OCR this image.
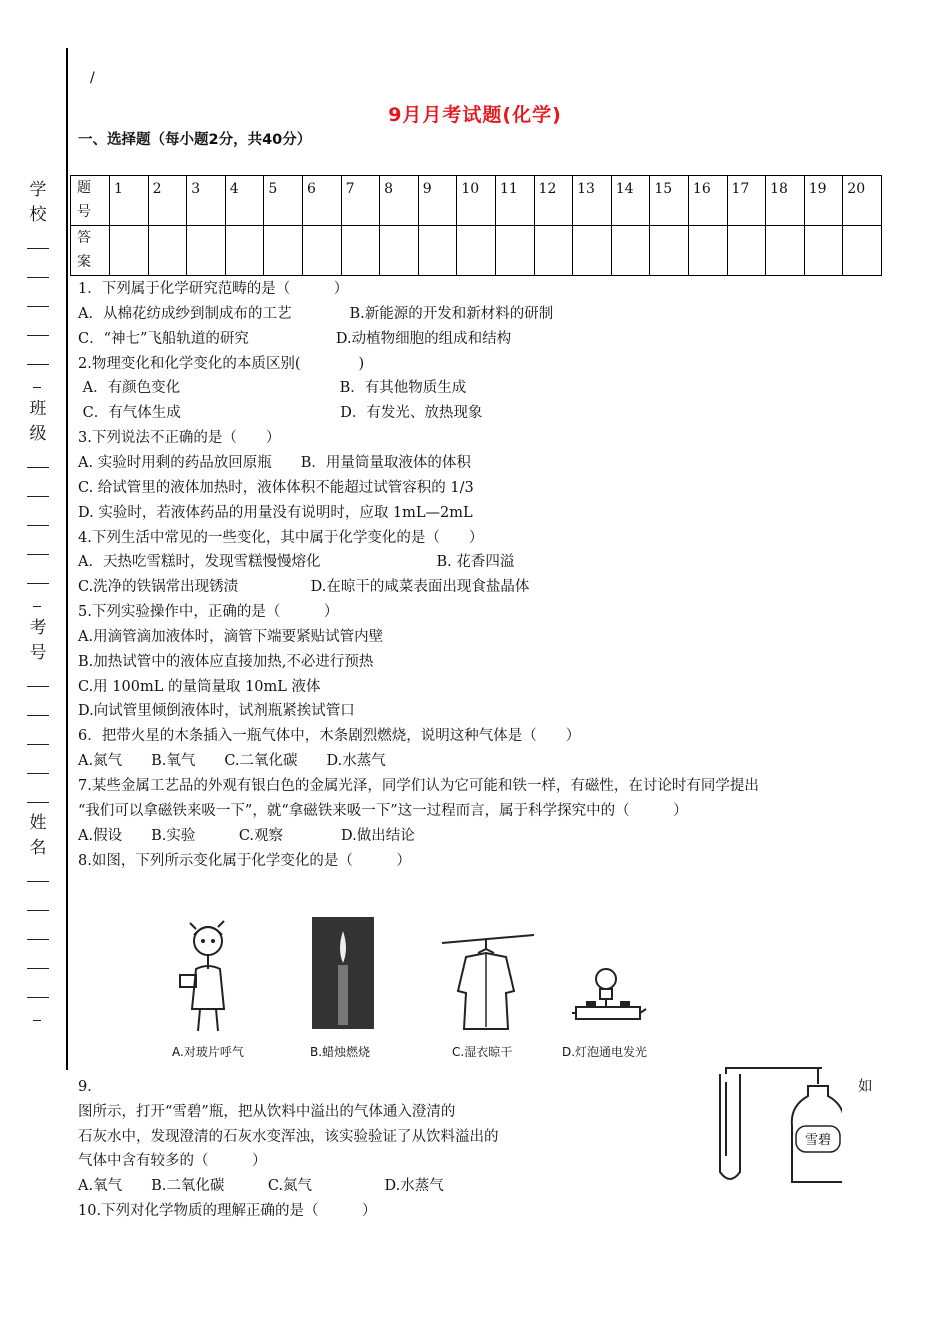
学
校
班
级
考
号
姓
名
/
9月月考试题(化学)
一、选择题（每小题2分，共40分）
题号	1	2	3	4	5	6	7	8	9	10	11	12	13	14	15	16	17	18	19	20
答案																				
1．下列属于化学研究范畴的是（　　　）
A．从棉花纺成纱到制成布的工艺　　　　B.新能源的开发和新材料的研制
C．“神七”飞船轨道的研究　　　　　　D.动植物细胞的组成和结构
2.物理变化和化学变化的本质区别(　　　　)
A．有颜色变化　　　　　　　　　　　B．有其他物质生成
C．有气体生成　　　　　　　　　　　D．有发光、放热现象
3.下列说法不正确的是（　　）
A. 实验时用剩的药品放回原瓶　　B．用量筒量取液体的体积
C. 给试管里的液体加热时，液体体积不能超过试管容积的 1/3
D. 实验时，若液体药品的用量没有说明时，应取 1mL—2mL
4.下列生活中常见的一些变化，其中属于化学变化的是（　　）
A．天热吃雪糕时，发现雪糕慢慢熔化　　　　　　　　B. 花香四溢
C.洗净的铁锅常出现锈渍　　　　　D.在晾干的咸菜表面出现食盐晶体
5.下列实验操作中，正确的是（　　　）
A.用滴管滴加液体时，滴管下端要紧贴试管内壁
B.加热试管中的液体应直接加热,不必进行预热
C.用 100mL 的量筒量取 10mL 液体
D.向试管里倾倒液体时，试剂瓶紧挨试管口
6．把带火星的木条插入一瓶气体中，木条剧烈燃烧，说明这种气体是（　　）
A.氮气　　B.氧气　　C.二氧化碳　　D.水蒸气
7.某些金属工艺品的外观有银白色的金属光泽，同学们认为它可能和铁一样，有磁性，在讨论时有同学提出
“我们可以拿磁铁来吸一下”，就“拿磁铁来吸一下”这一过程而言，属于科学探究中的（　　　）
A.假设　　B.实验　　　C.观察　　　　D.做出结论
8.如图，下列所示变化属于化学变化的是（　　　）
A.对玻片呼气	B.蜡烛燃烧	C.湿衣晾干	D.灯泡通电发光
9．	如
图所示，打开“雪碧”瓶，把从饮料中溢出的气体通入澄清的
石灰水中，发现澄清的石灰水变浑浊，该实验验证了从饮料溢出的
气体中含有较多的（　　　）
A.氧气　　B.二氧化碳　　　C.氮气　　　　　D.水蒸气
10.下列对化学物质的理解正确的是（　　　）
雪碧
